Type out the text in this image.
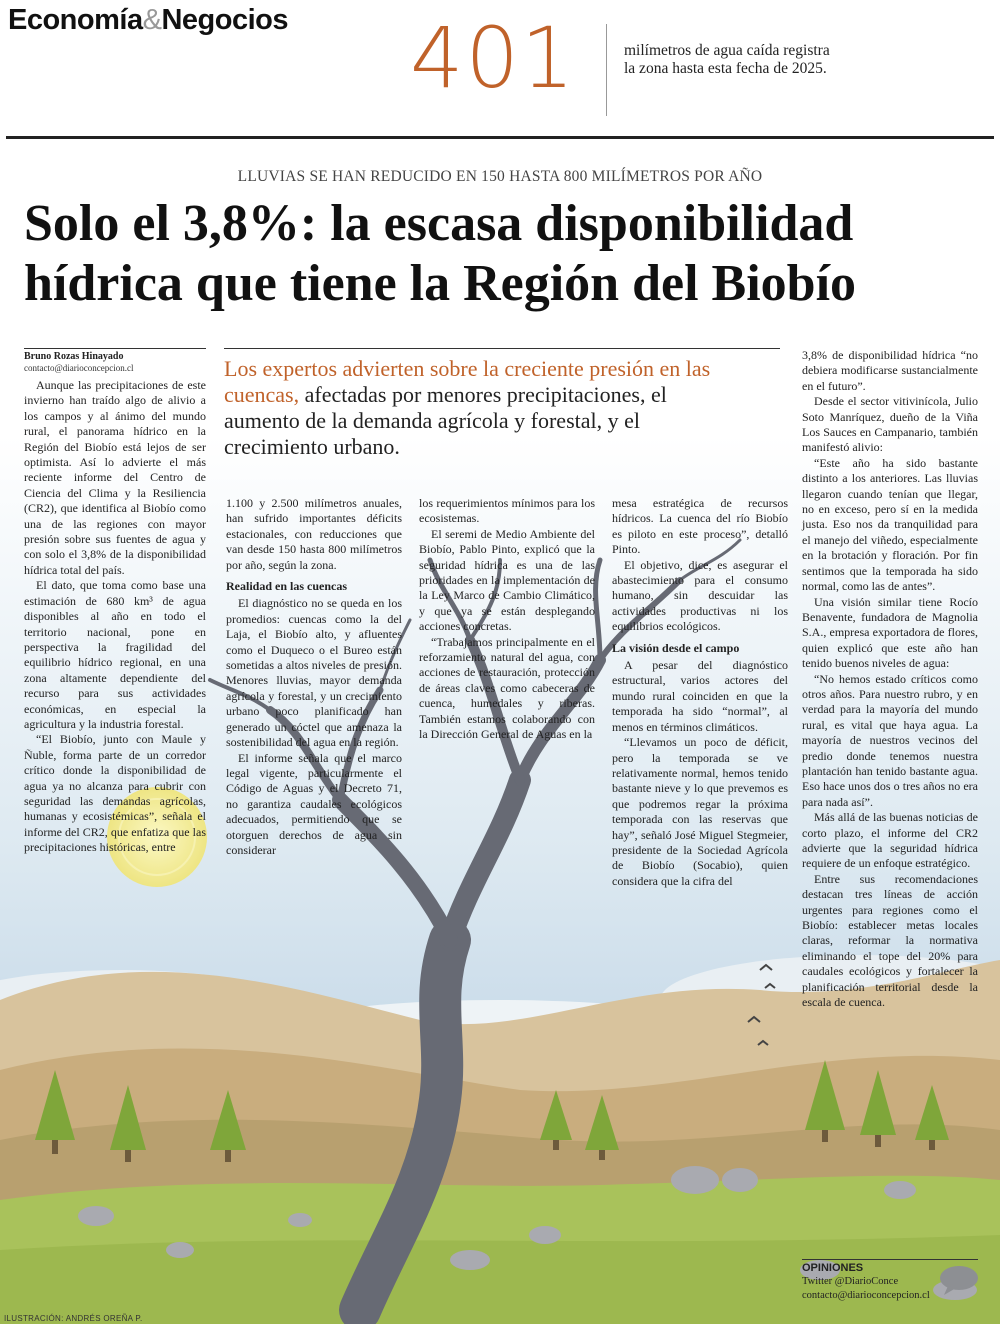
Economía&Negocios 401	milímetros de agua caída registra la zona hasta esta fecha de 2025.
LLUVIAS SE HAN REDUCIDO EN 150 HASTA 800 MILÍMETROS POR AÑO
Solo el 3,8%: la escasa disponibilidad hídrica que tiene la Región del Biobío
Bruno Rozas Hinayado
contacto@diarioconcepcion.cl	Los expertos advierten sobre la creciente presión en las cuencas, afectadas por menores precipitaciones, el aumento de la demanda agrícola y forestal, y el crecimiento urbano.

Aunque las precipitaciones de este invierno han traído algo de alivio a los campos y al ánimo del mundo rural, el panorama hídrico en la Región del Biobío está lejos de ser optimista. Así lo advierte el más reciente informe del Centro de Ciencia del Clima y la Resiliencia (CR2), que identifica al Biobío como una de las regiones con mayor presión sobre sus fuentes de agua y con solo el 3,8% de la disponibilidad hídrica total del país.

El dato, que toma como base una estimación de 680 km³ de agua disponibles al año en todo el territorio nacional, pone en perspectiva la fragilidad del equilibrio hídrico regional, en una zona altamente dependiente del recurso para sus actividades económicas, en especial la agricultura y la industria forestal.

“El Biobío, junto con Maule y Ñuble, forma parte de un corredor crítico donde la disponibilidad de agua ya no alcanza para cubrir con seguridad las demandas agrícolas, humanas y ecosistémicas”, señala el informe del CR2, que enfatiza que las precipitaciones históricas, entre

1.100 y 2.500 milímetros anuales, han sufrido importantes déficits estacionales, con reducciones que van desde 150 hasta 800 milímetros por año, según la zona.

Realidad en las cuencas

El diagnóstico no se queda en los promedios: cuencas como la del Laja, el Biobío alto, y afluentes como el Duqueco o el Bureo están sometidas a altos niveles de presión. Menores lluvias, mayor demanda agrícola y forestal, y un crecimiento urbano poco planificado han generado un cóctel que amenaza la sostenibilidad del agua en la región.

El informe señala que el marco legal vigente, particularmente el Código de Aguas y el Decreto 71, no garantiza caudales ecológicos adecuados, permitiendo que se otorguen derechos de agua sin considerar

los requerimientos mínimos para los ecosistemas.

El seremi de Medio Ambiente del Biobío, Pablo Pinto, explicó que la seguridad hídrica es una de las prioridades en la implementación de la Ley Marco de Cambio Climático, y que ya se están desplegando acciones concretas.

“Trabajamos principalmente en el reforzamiento natural del agua, con acciones de restauración, protección de áreas claves como cabeceras de cuenca, humedales y riberas. También estamos colaborando con la Dirección General de Aguas en la

mesa estratégica de recursos hídricos. La cuenca del río Biobío es piloto en este proceso”, detalló Pinto.

El objetivo, dice, es asegurar el abastecimiento para el consumo humano, sin descuidar las actividades productivas ni los equilibrios ecológicos.

La visión desde el campo

A pesar del diagnóstico estructural, varios actores del mundo rural coinciden en que la temporada ha sido “normal”, al menos en términos climáticos.

“Llevamos un poco de déficit, pero la temporada se ve relativamente normal, hemos tenido bastante nieve y lo que prevemos es que podremos regar la próxima temporada con las reservas que hay”, señaló José Miguel Stegmeier, presidente de la Sociedad Agrícola de Biobío (Socabio), quien considera que la cifra del

3,8% de disponibilidad hídrica “no debiera modificarse sustancialmente en el futuro”.

Desde el sector vitivinícola, Julio Soto Manríquez, dueño de la Viña Los Sauces en Campanario, también manifestó alivio:

“Este año ha sido bastante distinto a los anteriores. Las lluvias llegaron cuando tenían que llegar, no en exceso, pero sí en la medida justa. Eso nos da tranquilidad para el manejo del viñedo, especialmente en la brotación y floración. Por fin sentimos que la temporada ha sido normal, como las de antes”.

Una visión similar tiene Rocío Benavente, fundadora de Magnolia S.A., empresa exportadora de flores, quien explicó que este año han tenido buenos niveles de agua:

“No hemos estado críticos como otros años. Para nuestro rubro, y en verdad para la mayoría del mundo rural, es vital que haya agua. La mayoría de nuestros vecinos del predio donde tenemos nuestra plantación han tenido bastante agua. Eso hace unos dos o tres años no era para nada así”.

Más allá de las buenas noticias de corto plazo, el informe del CR2 advierte que la seguridad hídrica requiere de un enfoque estratégico.

Entre sus recomendaciones destacan tres líneas de acción urgentes para regiones como el Biobío: establecer metas locales claras, reformar la normativa eliminando el tope del 20% para caudales ecológicos y fortalecer la planificación territorial desde la escala de cuenca.

OPINIONES
Twitter @DiarioConce
contacto@diarioconcepcion.cl
ILUSTRACIÓN: ANDRÉS OREÑA P.
